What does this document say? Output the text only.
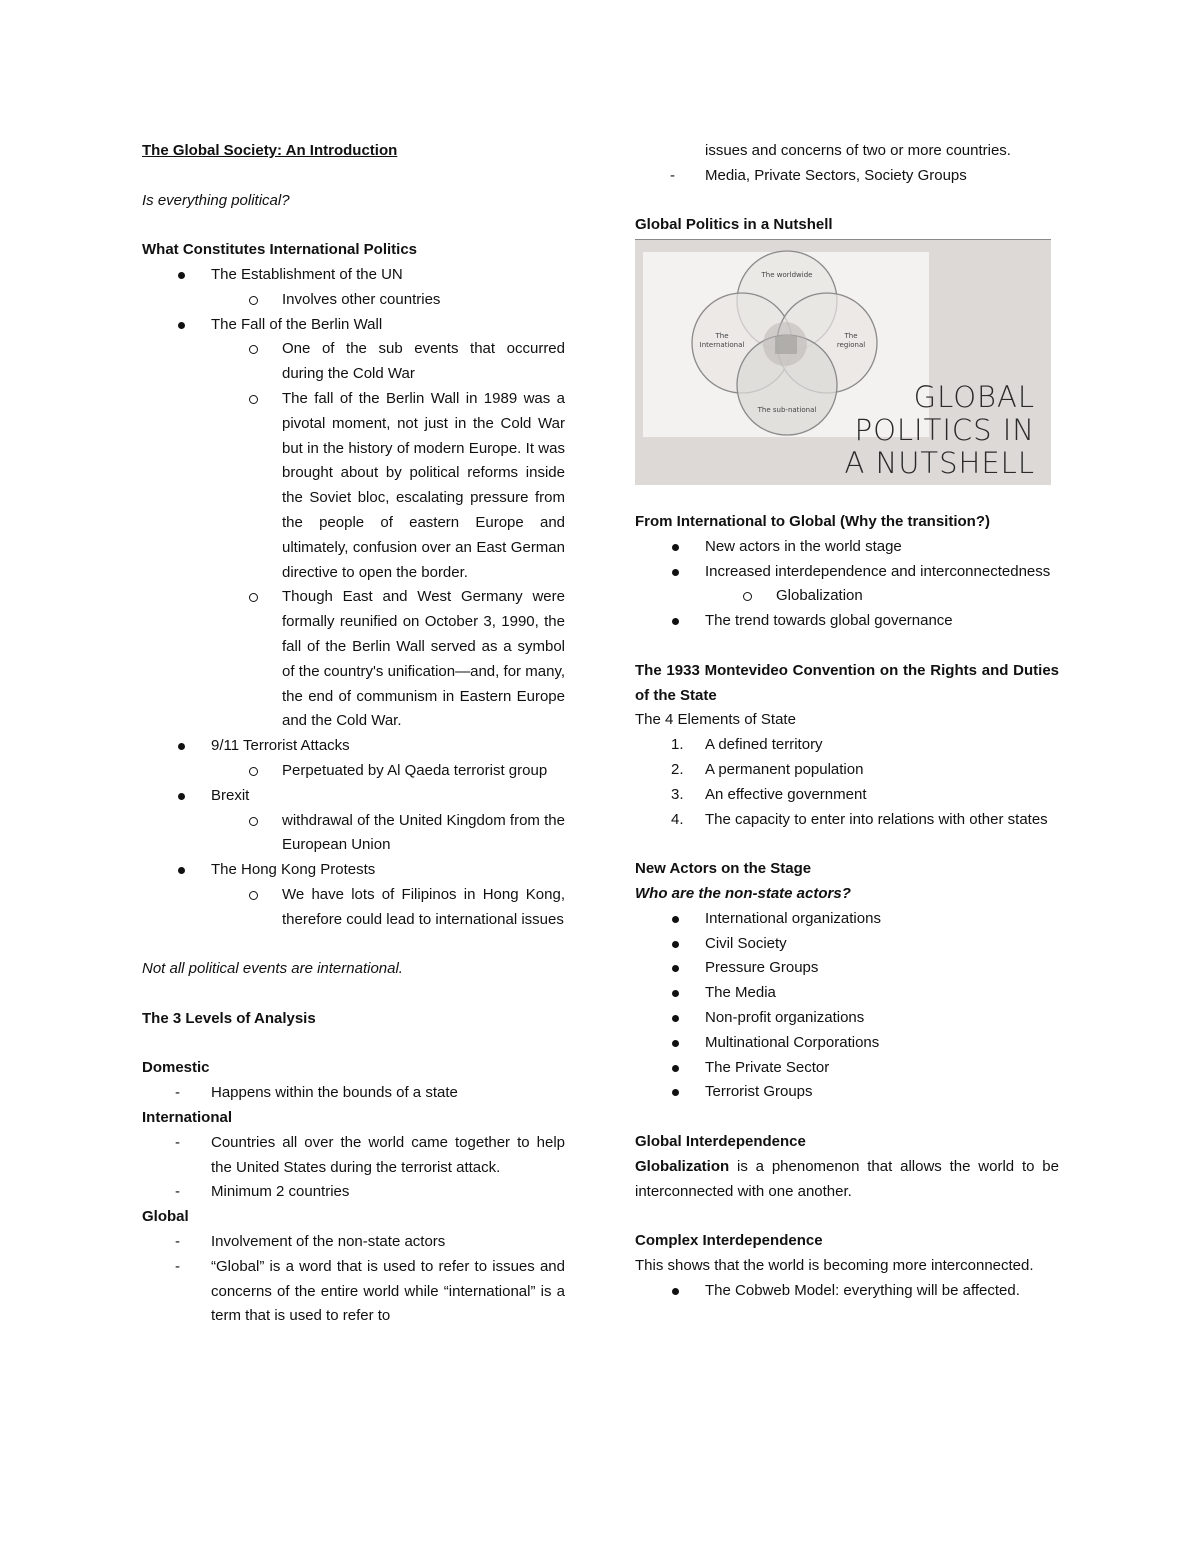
The Global Society: An Introduction
Is everything political?
What Constitutes International Politics
The Establishment of the UN
Involves other countries
The Fall of the Berlin Wall
One of the sub events that occurred during the Cold War
The fall of the Berlin Wall in 1989 was a pivotal moment, not just in the Cold War but in the history of modern Europe. It was brought about by political reforms inside the Soviet bloc, escalating pressure from the people of eastern Europe and ultimately, confusion over an East German directive to open the border.
Though East and West Germany were formally reunified on October 3, 1990, the fall of the Berlin Wall served as a symbol of the country's unification—and, for many, the end of communism in Eastern Europe and the Cold War.
9/11 Terrorist Attacks
Perpetuated by Al Qaeda terrorist group
Brexit
withdrawal of the United Kingdom from the European Union
The Hong Kong Protests
We have lots of Filipinos in Hong Kong, therefore could lead to international issues
Not all political events are international.
The 3 Levels of Analysis
Domestic
- Happens within the bounds of a state
International
- Countries all over the world came together to help the United States during the terrorist attack.
- Minimum 2 countries
Global
- Involvement of the non-state actors
- “Global” is a word that is used to refer to issues and concerns of the entire world while “international” is a term that is used to refer to
issues and concerns of two or more countries.
- Media, Private Sectors, Society Groups
Global Politics in a Nutshell
The worldwide
The
International
The
regional
The sub-national	GLOBAL
POLITICS IN
A NUTSHELL
From International to Global (Why the transition?)
New actors in the world stage
Increased interdependence and interconnectedness
Globalization
The trend towards global governance
The 1933 Montevideo Convention on the Rights and Duties of the State
The 4 Elements of State
1. A defined territory
2. A permanent population
3. An effective government
4. The capacity to enter into relations with other states
New Actors on the Stage
Who are the non-state actors?
International organizations
Civil Society
Pressure Groups
The Media
Non-profit organizations
Multinational Corporations
The Private Sector
Terrorist Groups
Global Interdependence
Globalization is a phenomenon that allows the world to be interconnected with one another.
Complex Interdependence
This shows that the world is becoming more interconnected.
The Cobweb Model: everything will be affected.
